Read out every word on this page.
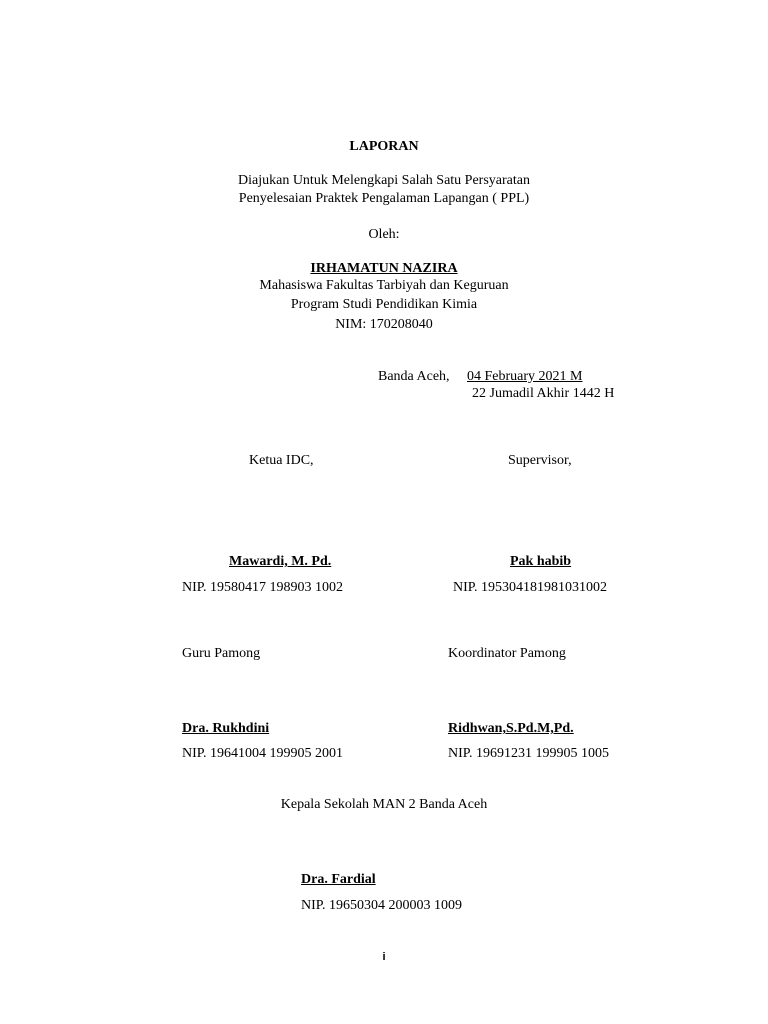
LAPORAN
Diajukan Untuk Melengkapi Salah Satu Persyaratan
Penyelesaian Praktek Pengalaman Lapangan ( PPL)
Oleh:
IRHAMATUN NAZIRA
Mahasiswa Fakultas Tarbiyah dan Keguruan
Program Studi Pendidikan Kimia
NIM: 170208040
Banda Aceh, 04 February 2021 M
22 Jumadil Akhir 1442 H
Ketua IDC,	Supervisor,
Mawardi, M. Pd.	Pak habib
NIP. 19580417 198903 1002	NIP. 195304181981031002
Guru Pamong	Koordinator Pamong
Dra. Rukhdini	Ridhwan,S.Pd.M,Pd.
NIP. 19641004 199905 2001	NIP. 19691231 199905 1005
Kepala Sekolah MAN 2 Banda Aceh
Dra. Fardial
NIP. 19650304 200003 1009
i
